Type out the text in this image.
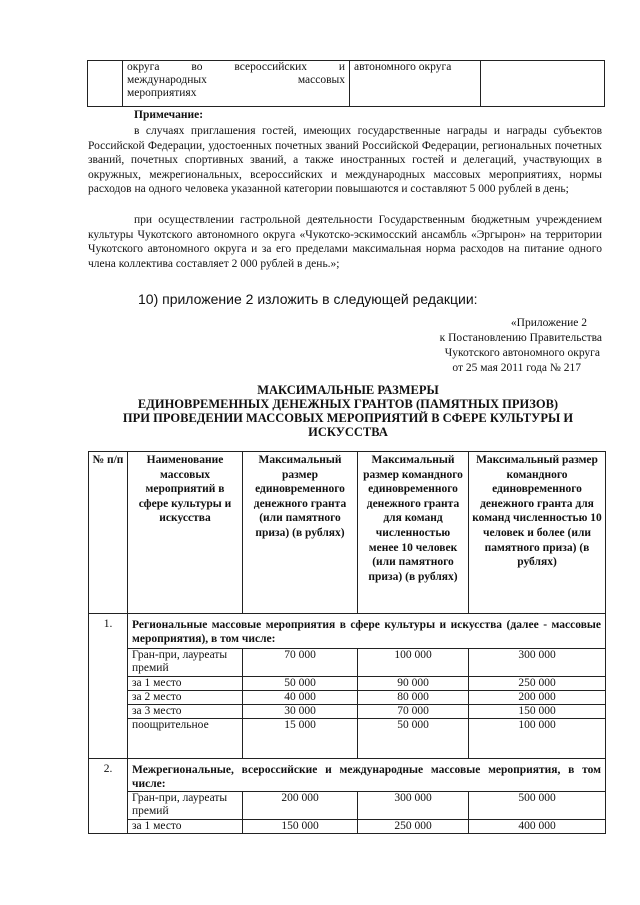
округа во всероссийских и
международных массовых
мероприятиях
	автономного округа	
Примечание:
в случаях приглашения гостей, имеющих государственные награды и награды субъектов Российской Федерации, удостоенных почетных званий Российской Федерации, региональных почетных званий, почетных спортивных званий, а также иностранных гостей и делегаций, участвующих в окружных, межрегиональных, всероссийских и международных массовых мероприятиях, нормы расходов на одного человека указанной категории повышаются и составляют 5 000 рублей в день;
при осуществлении гастрольной деятельности Государственным бюджетным учреждением культуры Чукотского автономного округа «Чукотско-эскимосский ансамбль «Эргырон» на территории Чукотского автономного округа и за его пределами максимальная норма расходов на питание одного члена коллектива составляет 2 000 рублей в день.»;
10) приложение 2 изложить в следующей редакции:
«Приложение 2
к Постановлению Правительства
Чукотского автономного округа
от 25 мая 2011 года № 217
МАКСИМАЛЬНЫЕ РАЗМЕРЫ
ЕДИНОВРЕМЕННЫХ ДЕНЕЖНЫХ ГРАНТОВ (ПАМЯТНЫХ ПРИЗОВ)
ПРИ ПРОВЕДЕНИИ МАССОВЫХ МЕРОПРИЯТИЙ В СФЕРЕ КУЛЬТУРЫ И
ИСКУССТВА
№ п/п	Наименование массовых мероприятий в сфере культуры и искусства	Максимальный размер единовременного денежного гранта (или памятного приза) (в рублях)	Максимальный размер командного единовременного денежного гранта для команд численностью менее 10 человек (или памятного приза) (в рублях)	Максимальный размер командного единовременного денежного гранта для команд численностью 10 человек и более (или памятного приза) (в рублях)
1.	Региональные массовые мероприятия в сфере культуры и искусства (далее - массовые мероприятия), в том числе:			

	Гран-при, лауреаты премий	70 000	100 000	300 000
	за 1 место	50 000	90 000	250 000
	за 2 место	40 000	80 000	200 000
	за 3 место	30 000	70 000	150 000
	поощрительное	15 000	50 000	100 000
2.	Межрегиональные, всероссийские и международные массовые мероприятия, в том числе:			

	Гран-при, лауреаты премий	200 000	300 000	500 000
	за 1 место	150 000	250 000	400 000
